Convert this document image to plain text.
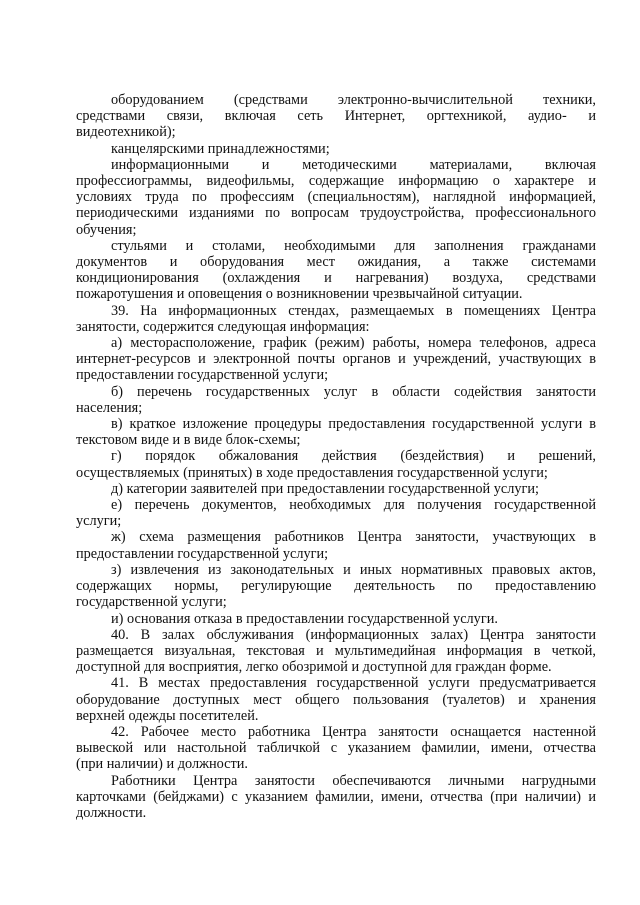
оборудованием (средствами электронно-вычислительной техники,
средствами связи, включая сеть Интернет, оргтехникой, аудио- и
видеотехникой);
канцелярскими принадлежностями;
информационными и методическими материалами, включая
профессиограммы, видеофильмы, содержащие информацию о характере и
условиях труда по профессиям (специальностям), наглядной информацией,
периодическими изданиями по вопросам трудоустройства, профессионального
обучения;
стульями и столами, необходимыми для заполнения гражданами
документов и оборудования мест ожидания, а также системами
кондиционирования (охлаждения и нагревания) воздуха, средствами
пожаротушения и оповещения о возникновении чрезвычайной ситуации.
39. На информационных стендах, размещаемых в помещениях Центра
занятости, содержится следующая информация:
а) месторасположение, график (режим) работы, номера телефонов, адреса
интернет-ресурсов и электронной почты органов и учреждений, участвующих в
предоставлении государственной услуги;
б) перечень государственных услуг в области содействия занятости
населения;
в) краткое изложение процедуры предоставления государственной услуги в
текстовом виде и в виде блок-схемы;
г) порядок обжалования действия (бездействия) и решений,
осуществляемых (принятых) в ходе предоставления государственной услуги;
д) категории заявителей при предоставлении государственной услуги;
е) перечень документов, необходимых для получения государственной
услуги;
ж) схема размещения работников Центра занятости, участвующих в
предоставлении государственной услуги;
з) извлечения из законодательных и иных нормативных правовых актов,
содержащих нормы, регулирующие деятельность по предоставлению
государственной услуги;
и) основания отказа в предоставлении государственной услуги.
40. В залах обслуживания (информационных залах) Центра занятости
размещается визуальная, текстовая и мультимедийная информация в четкой,
доступной для восприятия, легко обозримой и доступной для граждан форме.
41. В местах предоставления государственной услуги предусматривается
оборудование доступных мест общего пользования (туалетов) и хранения
верхней одежды посетителей.
42. Рабочее место работника Центра занятости оснащается настенной
вывеской или настольной табличкой с указанием фамилии, имени, отчества
(при наличии) и должности.
Работники Центра занятости обеспечиваются личными нагрудными
карточками (бейджами) с указанием фамилии, имени, отчества (при наличии) и
должности.
